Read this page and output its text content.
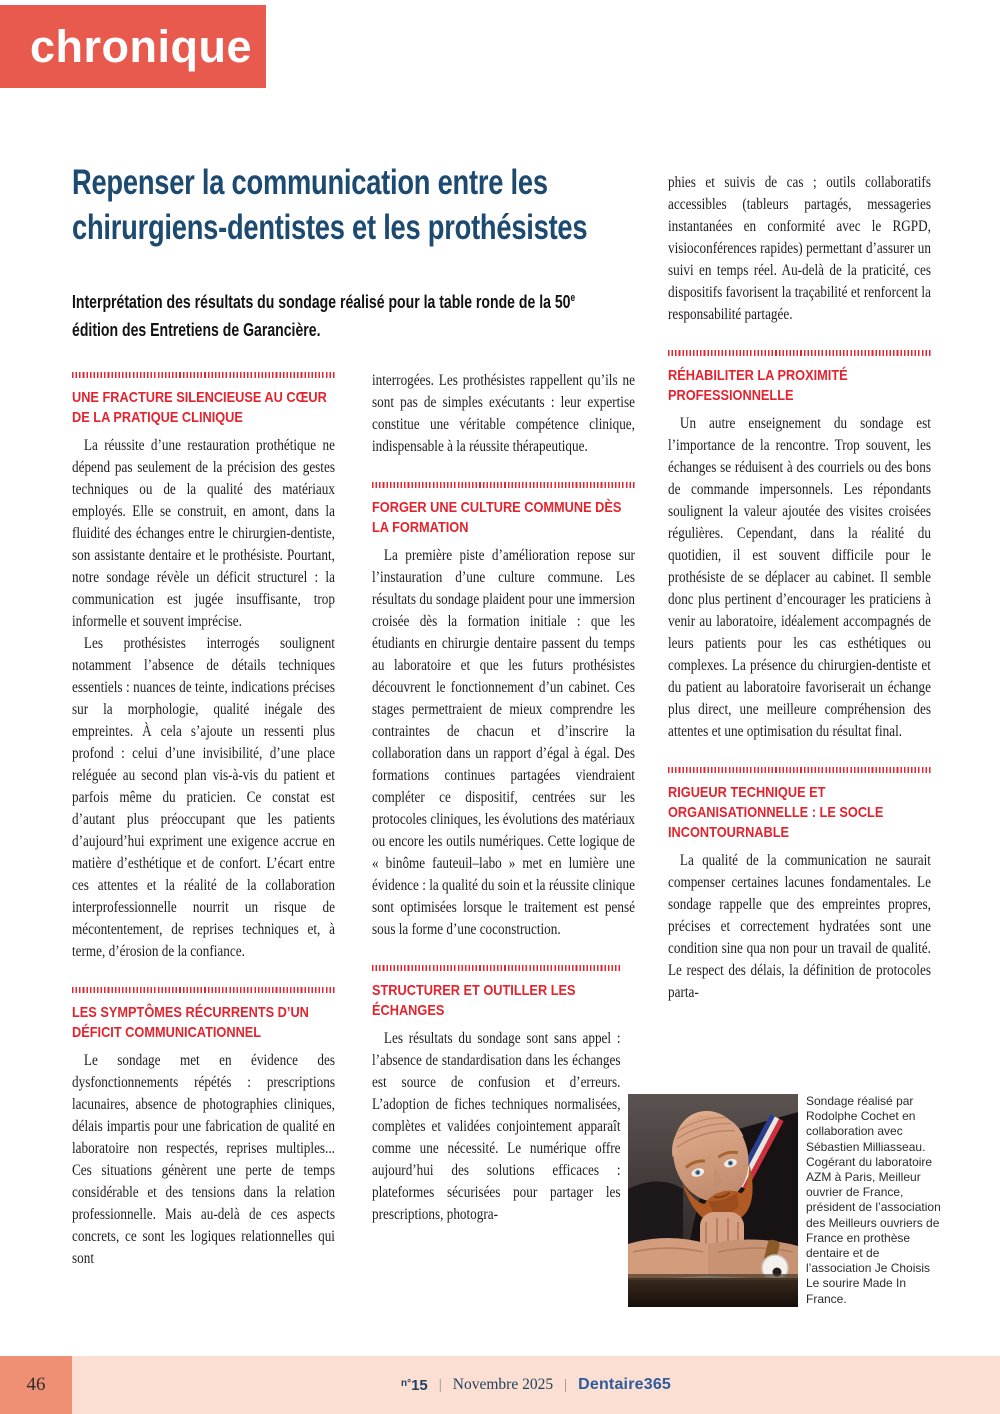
chronique
Repenser la communication entre les
chirurgiens-dentistes et les prothésistes
Interprétation des résultats du sondage réalisé pour la table ronde de la 50e
édition des Entretiens de Garancière.
UNE FRACTURE SILENCIEUSE AU CŒUR DE LA PRATIQUE CLINIQUE

La réussite d’une restauration prothétique ne dépend pas seulement de la précision des gestes techniques ou de la qualité des matériaux employés. Elle se construit, en amont, dans la fluidité des échanges entre le chirurgien-dentiste, son assistante dentaire et le prothésiste. Pourtant, notre sondage révèle un déficit structurel : la communication est jugée insuffisante, trop informelle et souvent imprécise.

Les prothésistes interrogés soulignent notamment l’absence de détails techniques essentiels : nuances de teinte, indications précises sur la morphologie, qualité inégale des empreintes. À cela s’ajoute un ressenti plus profond : celui d’une invisibilité, d’une place reléguée au second plan vis-à-vis du patient et parfois même du praticien. Ce constat est d’autant plus préoccupant que les patients d’aujourd’hui expriment une exigence accrue en matière d’esthétique et de confort. L’écart entre ces attentes et la réalité de la collaboration interprofessionnelle nourrit un risque de mécontentement, de reprises techniques et, à terme, d’érosion de la confiance.

LES SYMPTÔMES RÉCURRENTS D’UN DÉFICIT COMMUNICATIONNEL

Le sondage met en évidence des dysfonctionnements répétés : prescriptions lacunaires, absence de photographies cliniques, délais impartis pour une fabrication de qualité en laboratoire non respectés, reprises multiples... Ces situations génèrent une perte de temps considérable et des tensions dans la relation professionnelle. Mais au-delà de ces aspects concrets, ce sont les logiques relationnelles qui sont

interrogées. Les prothésistes rappellent qu’ils ne sont pas de simples exécutants : leur expertise constitue une véritable compétence clinique, indispensable à la réussite thérapeutique.

FORGER UNE CULTURE COMMUNE DÈS LA FORMATION

La première piste d’amélioration repose sur l’instauration d’une culture commune. Les résultats du sondage plaident pour une immersion croisée dès la formation initiale : que les étudiants en chirurgie dentaire passent du temps au laboratoire et que les futurs prothésistes découvrent le fonctionnement d’un cabinet. Ces stages permettraient de mieux comprendre les contraintes de chacun et d’inscrire la collaboration dans un rapport d’égal à égal. Des formations continues partagées viendraient compléter ce dispositif, centrées sur les protocoles cliniques, les évolutions des matériaux ou encore les outils numériques. Cette logique de « binôme fauteuil–labo » met en lumière une évidence : la qualité du soin et la réussite clinique sont optimisées lorsque le traitement est pensé sous la forme d’une coconstruction.

STRUCTURER ET OUTILLER LES ÉCHANGES

Les résultats du sondage sont sans appel : l’absence de standardisation dans les échanges est source de confusion et d’erreurs. L’adoption de fiches techniques normalisées, complètes et validées conjointement apparaît comme une nécessité. Le numérique offre aujourd’hui des solutions efficaces : plateformes sécurisées pour partager les prescriptions, photogra-

phies et suivis de cas ; outils collaboratifs accessibles (tableurs partagés, messageries instantanées en conformité avec le RGPD, visioconférences rapides) permettant d’assurer un suivi en temps réel. Au-delà de la praticité, ces dispositifs favorisent la traçabilité et renforcent la responsabilité partagée.

RÉHABILITER LA PROXIMITÉ PROFESSIONNELLE

Un autre enseignement du sondage est l’importance de la rencontre. Trop souvent, les échanges se réduisent à des courriels ou des bons de commande impersonnels. Les répondants soulignent la valeur ajoutée des visites croisées régulières. Cependant, dans la réalité du quotidien, il est souvent difficile pour le prothésiste de se déplacer au cabinet. Il semble donc plus pertinent d’encourager les praticiens à venir au laboratoire, idéalement accompagnés de leurs patients pour les cas esthétiques ou complexes. La présence du chirurgien-dentiste et du patient au laboratoire favoriserait un échange plus direct, une meilleure compréhension des attentes et une optimisation du résultat final.

RIGUEUR TECHNIQUE ET ORGANISATIONNELLE : LE SOCLE INCONTOURNABLE

La qualité de la communication ne saurait compenser certaines lacunes fondamentales. Le sondage rappelle que des empreintes propres, précises et correctement hydratées sont une condition sine qua non pour un travail de qualité. Le respect des délais, la définition de protocoles parta-

Sondage réalisé par Rodolphe Cochet en collaboration avec Sébastien Milliasseau. Cogérant du laboratoire AZM à Paris, Meilleur ouvrier de France, président de l’association des Meilleurs ouvriers de France en prothèse dentaire et de l’association Je Choisis Le sourire Made In France.
46	$^{n^\circ}$15 | Novembre 2025 | Dentaire365
